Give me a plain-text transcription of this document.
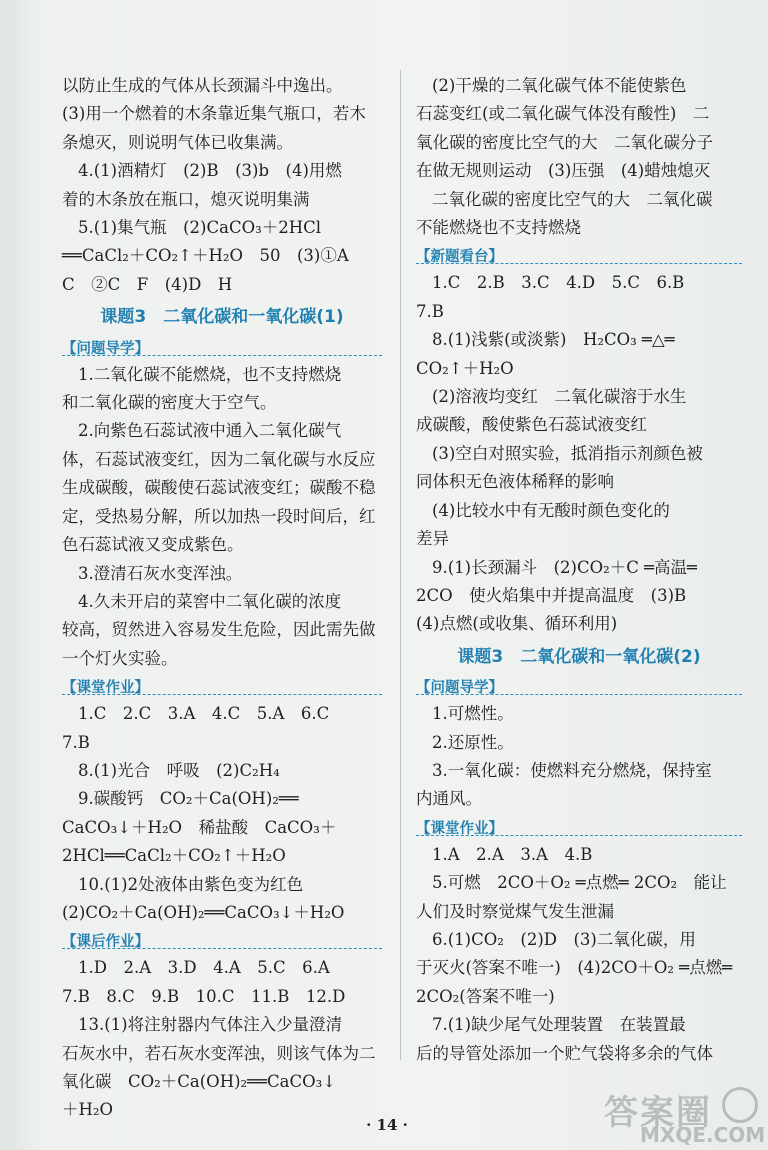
以防止生成的气体从长颈漏斗中逸出。

(3)用一个燃着的木条靠近集气瓶口，若木

条熄灭，则说明气体已收集满。

4.(1)酒精灯　(2)B　(3)b　(4)用燃

着的木条放在瓶口，熄灭说明集满

5.(1)集气瓶　(2)CaCO₃＋2HCl

══CaCl₂＋CO₂↑＋H₂O　50　(3)①A

C　②C　F　(4)D　H

课题3　二氧化碳和一氧化碳(1)
【问题导学】

1.二氧化碳不能燃烧，也不支持燃烧

和二氧化碳的密度大于空气。

2.向紫色石蕊试液中通入二氧化碳气

体，石蕊试液变红，因为二氧化碳与水反应

生成碳酸，碳酸使石蕊试液变红；碳酸不稳

定，受热易分解，所以加热一段时间后，红

色石蕊试液又变成紫色。

3.澄清石灰水变浑浊。

4.久未开启的菜窖中二氧化碳的浓度

较高，贸然进入容易发生危险，因此需先做

一个灯火实验。

【课堂作业】

1.C　2.C　3.A　4.C　5.A　6.C

7.B

8.(1)光合　呼吸　(2)C₂H₄

9.碳酸钙　CO₂＋Ca(OH)₂══

CaCO₃↓＋H₂O　稀盐酸　CaCO₃＋

2HCl══CaCl₂＋CO₂↑＋H₂O

10.(1)2处液体由紫色变为红色

(2)CO₂＋Ca(OH)₂══CaCO₃↓＋H₂O

【课后作业】

1.D　2.A　3.D　4.A　5.C　6.A

7.B　8.C　9.B　10.C　11.B　12.D

13.(1)将注射器内气体注入少量澄清

石灰水中，若石灰水变浑浊，则该气体为二

氧化碳　CO₂＋Ca(OH)₂══CaCO₃↓

＋H₂O

(2)干燥的二氧化碳气体不能使紫色

石蕊变红(或二氧化碳气体没有酸性)　二

氧化碳的密度比空气的大　二氧化碳分子

在做无规则运动　(3)压强　(4)蜡烛熄灭

二氧化碳的密度比空气的大　二氧化碳

不能燃烧也不支持燃烧

【新题看台】

1.C　2.B　3.C　4.D　5.C　6.B

7.B

8.(1)浅紫(或淡紫)　H₂CO₃ ═△═

CO₂↑＋H₂O

(2)溶液均变红　二氧化碳溶于水生

成碳酸，酸使紫色石蕊试液变红

(3)空白对照实验，抵消指示剂颜色被

同体积无色液体稀释的影响

(4)比较水中有无酸时颜色变化的

差异

9.(1)长颈漏斗　(2)CO₂＋C ═高温═

2CO　使火焰集中并提高温度　(3)B

(4)点燃(或收集、循环利用)

课题3　二氧化碳和一氧化碳(2)
【问题导学】

1.可燃性。

2.还原性。

3.一氧化碳：使燃料充分燃烧，保持室

内通风。

【课堂作业】

1.A　2.A　3.A　4.B

5.可燃　2CO＋O₂ ═点燃═ 2CO₂　能让

人们及时察觉煤气发生泄漏

6.(1)CO₂　(2)D　(3)二氧化碳，用

于灭火(答案不唯一)　(4)2CO＋O₂ ═点燃═

2CO₂(答案不唯一)

7.(1)缺少尾气处理装置　在装置最

后的导管处添加一个贮气袋将多余的气体

· 14 ·	答案圈
MXQE.COM
